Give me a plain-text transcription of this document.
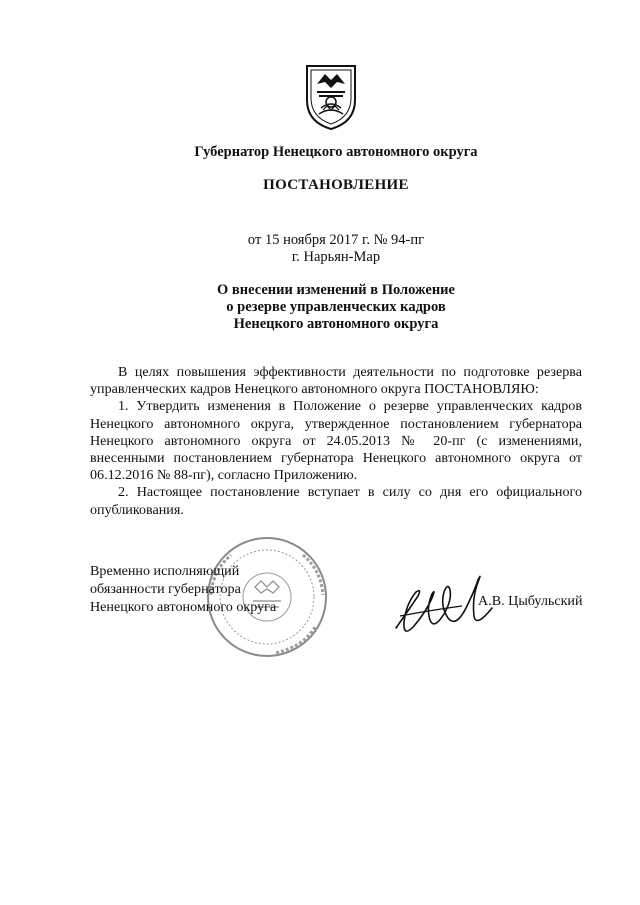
Губернатор Ненецкого автономного округа
ПОСТАНОВЛЕНИЕ
от 15 ноября 2017 г. № 94-пг
г. Нарьян-Мар
О внесении изменений в Положение
о резерве управленческих кадров
Ненецкого автономного округа

В целях повышения эффективности деятельности по подготовке резерва управленческих кадров Ненецкого автономного округа ПОСТАНОВЛЯЮ:

1. Утвердить изменения в Положение о резерве управленческих кадров Ненецкого автономного округа, утвержденное постановлением губернатора Ненецкого автономного округа от 24.05.2013 № 20-пг (с изменениями, внесенными постановлением губернатора Ненецкого автономного округа от 06.12.2016 № 88-пг), согласно Приложению.

2. Настоящее постановление вступает в силу со дня его официального опубликования.

Временно исполняющий
обязанности губернатора
Ненецкого автономного округа	А.В. Цыбульский
